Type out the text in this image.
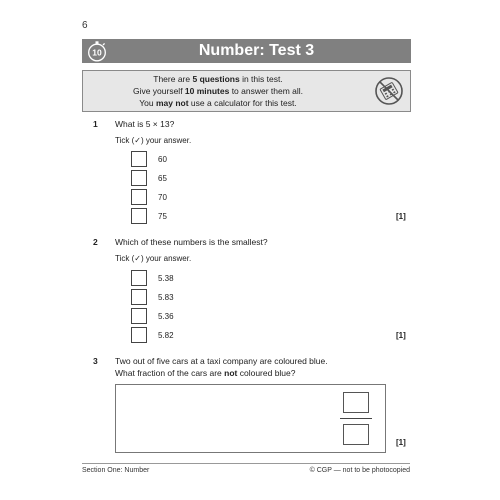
6
10	Number: Test 3
There are 5 questions in this test.
Give yourself 10 minutes to answer them all.
You may not use a calculator for this test.
1 What is 5 × 13?
Tick (✓) your answer.
60
65
70
75	[1]
2 Which of these numbers is the smallest?
Tick (✓) your answer.
5.38
5.83
5.36
5.82	[1]
3 Two out of five cars at a taxi company are coloured blue.
What fraction of the cars are not coloured blue?
[1]
Section One: Number	© CGP — not to be photocopied
